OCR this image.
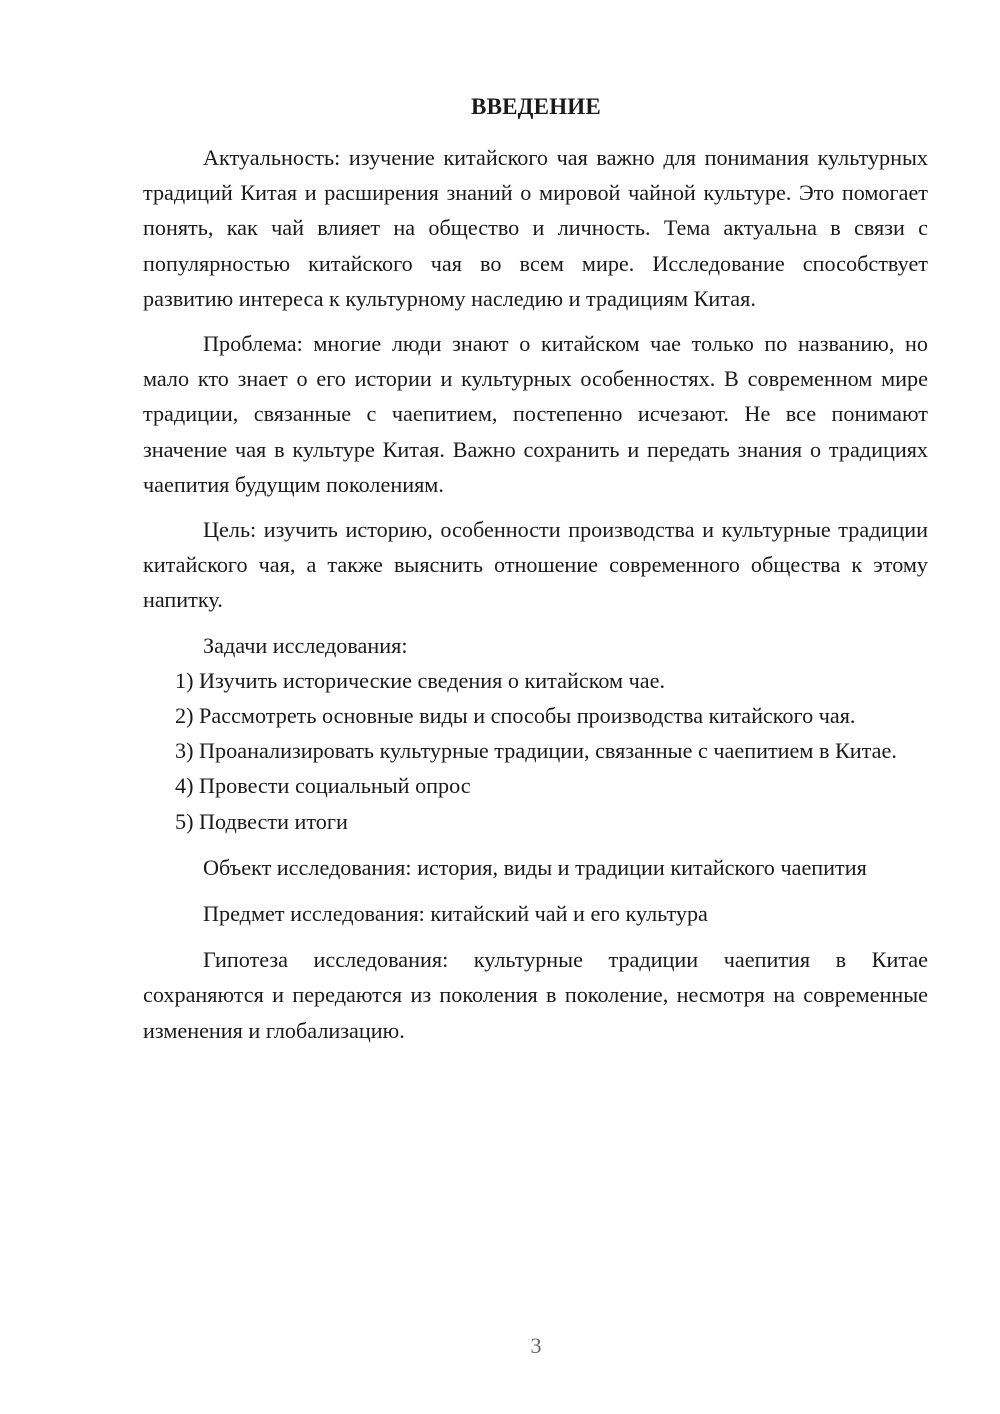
ВВЕДЕНИЕ

Актуальность: изучение китайского чая важно для понимания культурных традиций Китая и расширения знаний о мировой чайной культуре. Это помогает понять, как чай влияет на общество и личность. Тема актуальна в связи с популярностью китайского чая во всем мире. Исследование способствует развитию интереса к культурному наследию и традициям Китая.

Проблема: многие люди знают о китайском чае только по названию, но мало кто знает о его истории и культурных особенностях. В современном мире традиции, связанные с чаепитием, постепенно исчезают. Не все понимают значение чая в культуре Китая. Важно сохранить и передать знания о традициях чаепития будущим поколениям.

Цель: изучить историю, особенности производства и культурные традиции китайского чая, а также выяснить отношение современного общества к этому напитку.

Задачи исследования:

1) Изучить исторические сведения о китайском чае.

2) Рассмотреть основные виды и способы производства китайского чая.

3) Проанализировать культурные традиции, связанные с чаепитием в Китае.

4) Провести социальный опрос

5) Подвести итоги

Объект исследования: история, виды и традиции китайского чаепития

Предмет исследования: китайский чай и его культура

Гипотеза исследования: культурные традиции чаепития в Китае сохраняются и передаются из поколения в поколение, несмотря на современные изменения и глобализацию.

3
